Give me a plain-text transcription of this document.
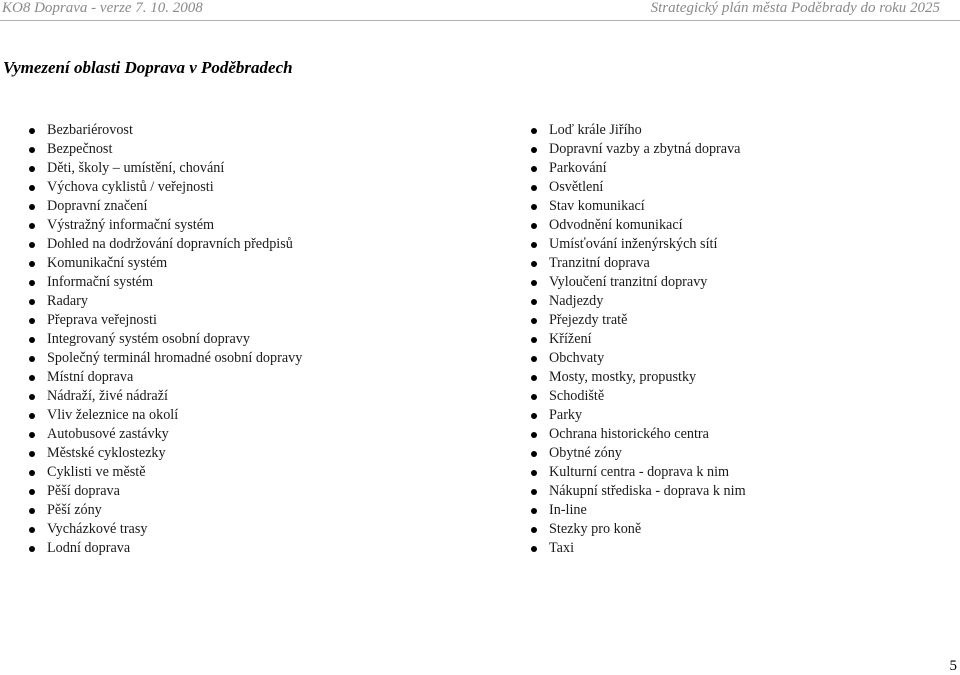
KO8 Doprava - verze 7. 10. 2008	Strategický plán města Poděbrady do roku 2025
Vymezení oblasti Doprava v Poděbradech
Bezbariérovost
Bezpečnost
Děti, školy – umístění, chování
Výchova cyklistů / veřejnosti
Dopravní značení
Výstražný informační systém
Dohled na dodržování dopravních předpisů
Komunikační systém
Informační systém
Radary
Přeprava veřejnosti
Integrovaný systém osobní dopravy
Společný terminál hromadné osobní dopravy
Místní doprava
Nádraží, živé nádraží
Vliv železnice na okolí
Autobusové zastávky
Městské cyklostezky
Cyklisti ve městě
Pěší doprava
Pěší zóny
Vycházkové trasy
Lodní doprava
Loď krále Jiřího
Dopravní vazby a zbytná doprava
Parkování
Osvětlení
Stav komunikací
Odvodnění komunikací
Umísťování inženýrských sítí
Tranzitní doprava
Vyloučení tranzitní dopravy
Nadjezdy
Přejezdy tratě
Křížení
Obchvaty
Mosty, mostky, propustky
Schodiště
Parky
Ochrana historického centra
Obytné zóny
Kulturní centra - doprava k nim
Nákupní střediska - doprava k nim
In-line
Stezky pro koně
Taxi
5
